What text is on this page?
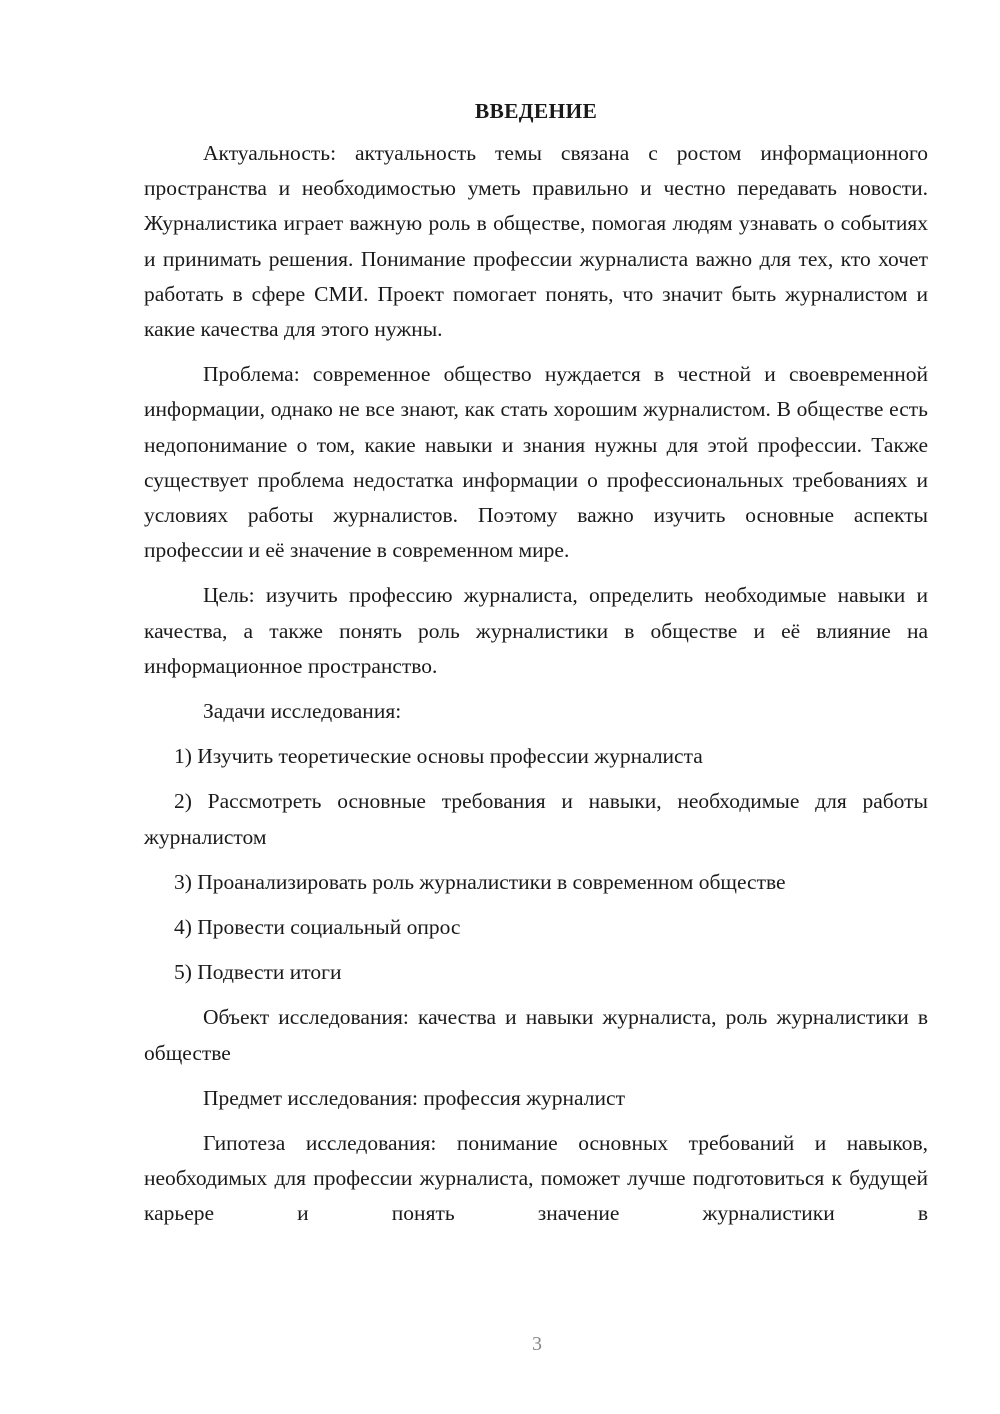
ВВЕДЕНИЕ

Актуальность: актуальность темы связана с ростом информационного пространства и необходимостью уметь правильно и честно передавать новости. Журналистика играет важную роль в обществе, помогая людям узнавать о событиях и принимать решения. Понимание профессии журналиста важно для тех, кто хочет работать в сфере СМИ. Проект помогает понять, что значит быть журналистом и какие качества для этого нужны.

Проблема: современное общество нуждается в честной и своевременной информации, однако не все знают, как стать хорошим журналистом. В обществе есть недопонимание о том, какие навыки и знания нужны для этой профессии. Также существует проблема недостатка информации о профессиональных требованиях и условиях работы журналистов. Поэтому важно изучить основные аспекты профессии и её значение в современном мире.

Цель: изучить профессию журналиста, определить необходимые навыки и качества, а также понять роль журналистики в обществе и её влияние на информационное пространство.

Задачи исследования:

1) Изучить теоретические основы профессии журналиста

2) Рассмотреть основные требования и навыки, необходимые для работы журналистом

3) Проанализировать роль журналистики в современном обществе

4) Провести социальный опрос

5) Подвести итоги

Объект исследования: качества и навыки журналиста, роль журналистики в обществе

Предмет исследования: профессия журналист

Гипотеза исследования: понимание основных требований и навыков, необходимых для профессии журналиста, поможет лучше подготовиться к будущей карьере и понять значение журналистики в

3
